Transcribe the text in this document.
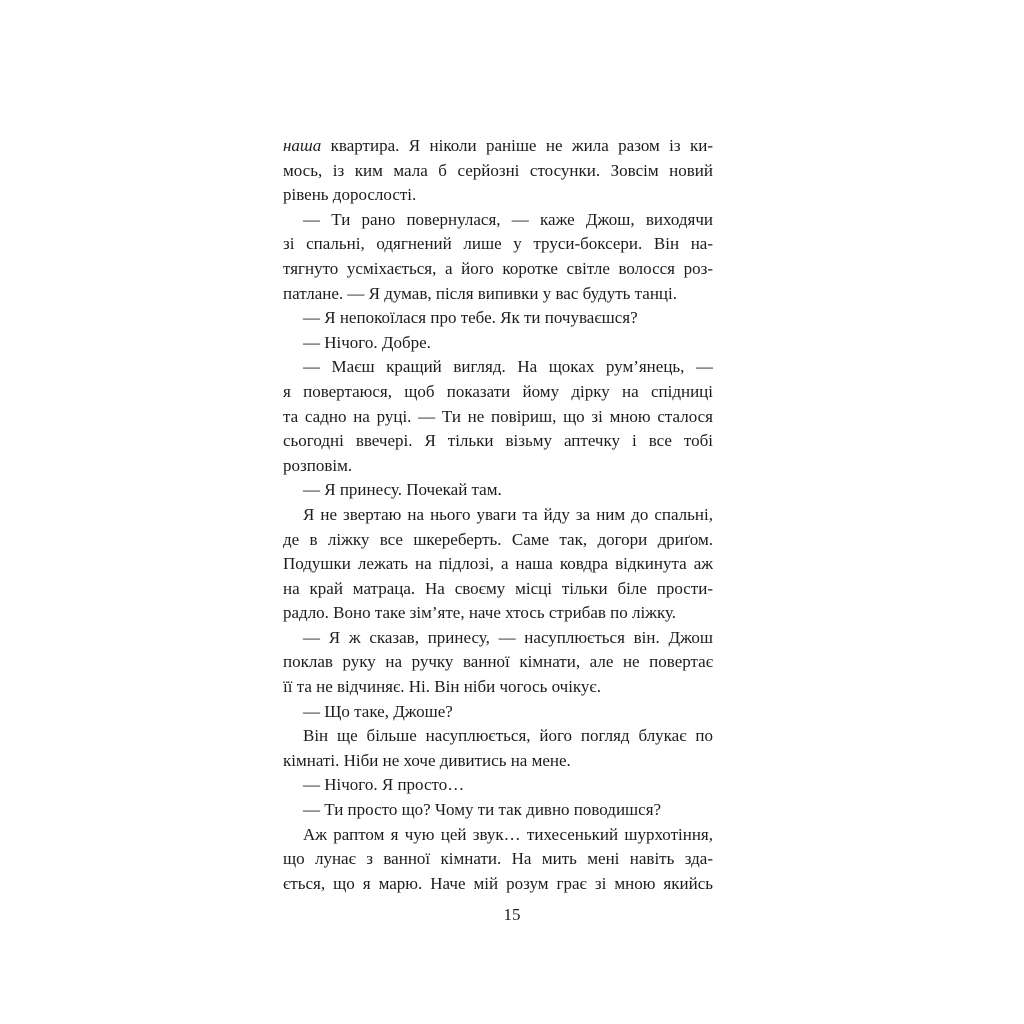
наша квартира. Я ніколи раніше не жила разом із ки-
мось, із ким мала б серйозні стосунки. Зовсім новий
рівень дорослості.
— Ти рано повернулася, — каже Джош, виходячи
зі спальні, одягнений лише у труси-боксери. Він на-
тягнуто усміхається, а його коротке світле волосся роз-
патлане. — Я думав, після випивки у вас будуть танці.
— Я непокоїлася про тебе. Як ти почуваєшся?
— Нічого. Добре.
— Маєш кращий вигляд. На щоках рум’янець, —
я повертаюся, щоб показати йому дірку на спідниці
та садно на руці. — Ти не повіриш, що зі мною сталося
сьогодні ввечері. Я тільки візьму аптечку і все тобі
розповім.
— Я принесу. Почекай там.
Я не звертаю на нього уваги та йду за ним до спальні,
де в ліжку все шкереберть. Саме так, догори дриґом.
Подушки лежать на підлозі, а наша ковдра відкинута аж
на край матраца. На своєму місці тільки біле прости-
радло. Воно таке зім’яте, наче хтось стрибав по ліжку.
— Я ж сказав, принесу, — насуплюється він. Джош
поклав руку на ручку ванної кімнати, але не повертає
її та не відчиняє. Ні. Він ніби чогось очікує.
— Що таке, Джоше?
Він ще більше насуплюється, його погляд блукає по
кімнаті. Ніби не хоче дивитись на мене.
— Нічого. Я просто…
— Ти просто що? Чому ти так дивно поводишся?
Аж раптом я чую цей звук… тихесенький шурхотіння,
що лунає з ванної кімнати. На мить мені навіть зда-
ється, що я марю. Наче мій розум грає зі мною якийсь
15
